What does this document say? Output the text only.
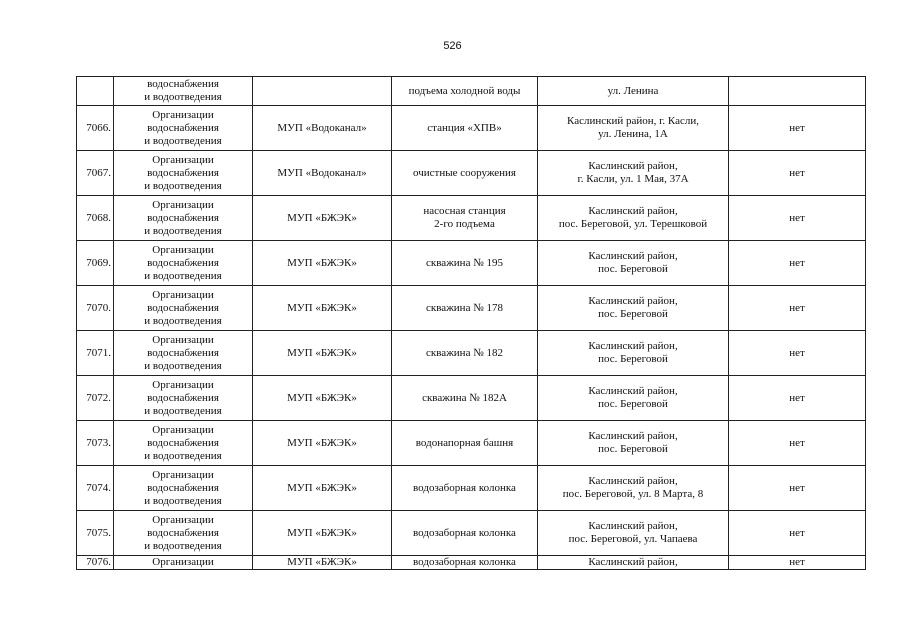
526

	водоснабжения
и водоотведения		подъема холодной воды	ул. Ленина	

7066.	Организации
водоснабжения
и водоотведения	МУП «Водоканал»	станция «ХПВ»	Каслинский район, г. Касли,
ул. Ленина, 1А	нет

7067.	Организации
водоснабжения
и водоотведения	МУП «Водоканал»	очистные сооружения	Каслинский район,
г. Касли, ул. 1 Мая, 37А	нет

7068.	Организации
водоснабжения
и водоотведения	МУП «БЖЭК»	насосная станция
2-го подъема	Каслинский район,
пос. Береговой, ул. Терешковой	нет

7069.	Организации
водоснабжения
и водоотведения	МУП «БЖЭК»	скважина № 195	Каслинский район,
пос. Береговой	нет

7070.	Организации
водоснабжения
и водоотведения	МУП «БЖЭК»	скважина № 178	Каслинский район,
пос. Береговой	нет

7071.	Организации
водоснабжения
и водоотведения	МУП «БЖЭК»	скважина № 182	Каслинский район,
пос. Береговой	нет

7072.	Организации
водоснабжения
и водоотведения	МУП «БЖЭК»	скважина № 182А	Каслинский район,
пос. Береговой	нет

7073.	Организации
водоснабжения
и водоотведения	МУП «БЖЭК»	водонапорная башня	Каслинский район,
пос. Береговой	нет

7074.	Организации
водоснабжения
и водоотведения	МУП «БЖЭК»	водозаборная колонка	Каслинский район,
пос. Береговой, ул. 8 Марта, 8	нет

7075.	Организации
водоснабжения
и водоотведения	МУП «БЖЭК»	водозаборная колонка	Каслинский район,
пос. Береговой, ул. Чапаева	нет

7076.	Организации	МУП «БЖЭК»	водозаборная колонка	Каслинский район,	нет
